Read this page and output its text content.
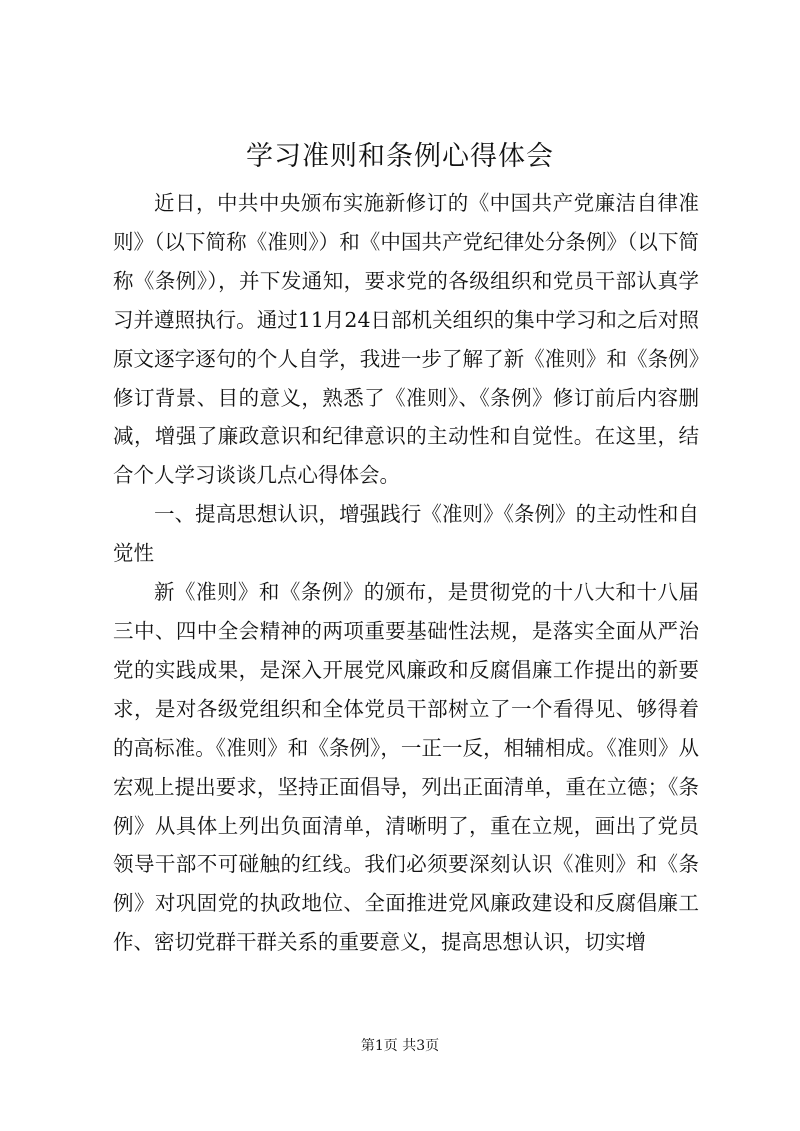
学习准则和条例心得体会

近日，中共中央颁布实施新修订的《中国共产党廉洁自律准则》（以下简称《准则》）和《中国共产党纪律处分条例》（以下简称《条例》），并下发通知，要求党的各级组织和党员干部认真学习并遵照执行。通过11月24日部机关组织的集中学习和之后对照原文逐字逐句的个人自学，我进一步了解了新《准则》和《条例》修订背景、目的意义，熟悉了《准则》、《条例》修订前后内容删减，增强了廉政意识和纪律意识的主动性和自觉性。在这里，结合个人学习谈谈几点心得体会。

一、提高思想认识，增强践行《准则》《条例》的主动性和自觉性

新《准则》和《条例》的颁布，是贯彻党的十八大和十八届三中、四中全会精神的两项重要基础性法规，是落实全面从严治党的实践成果，是深入开展党风廉政和反腐倡廉工作提出的新要求，是对各级党组织和全体党员干部树立了一个看得见、够得着的高标准。《准则》和《条例》，一正一反，相辅相成。《准则》从宏观上提出要求，坚持正面倡导，列出正面清单，重在立德；《条例》从具体上列出负面清单，清晰明了，重在立规，画出了党员领导干部不可碰触的红线。我们必须要深刻认识《准则》和《条例》对巩固党的执政地位、全面推进党风廉政建设和反腐倡廉工作、密切党群干群关系的重要意义，提高思想认识，切实增

第1页 共3页
